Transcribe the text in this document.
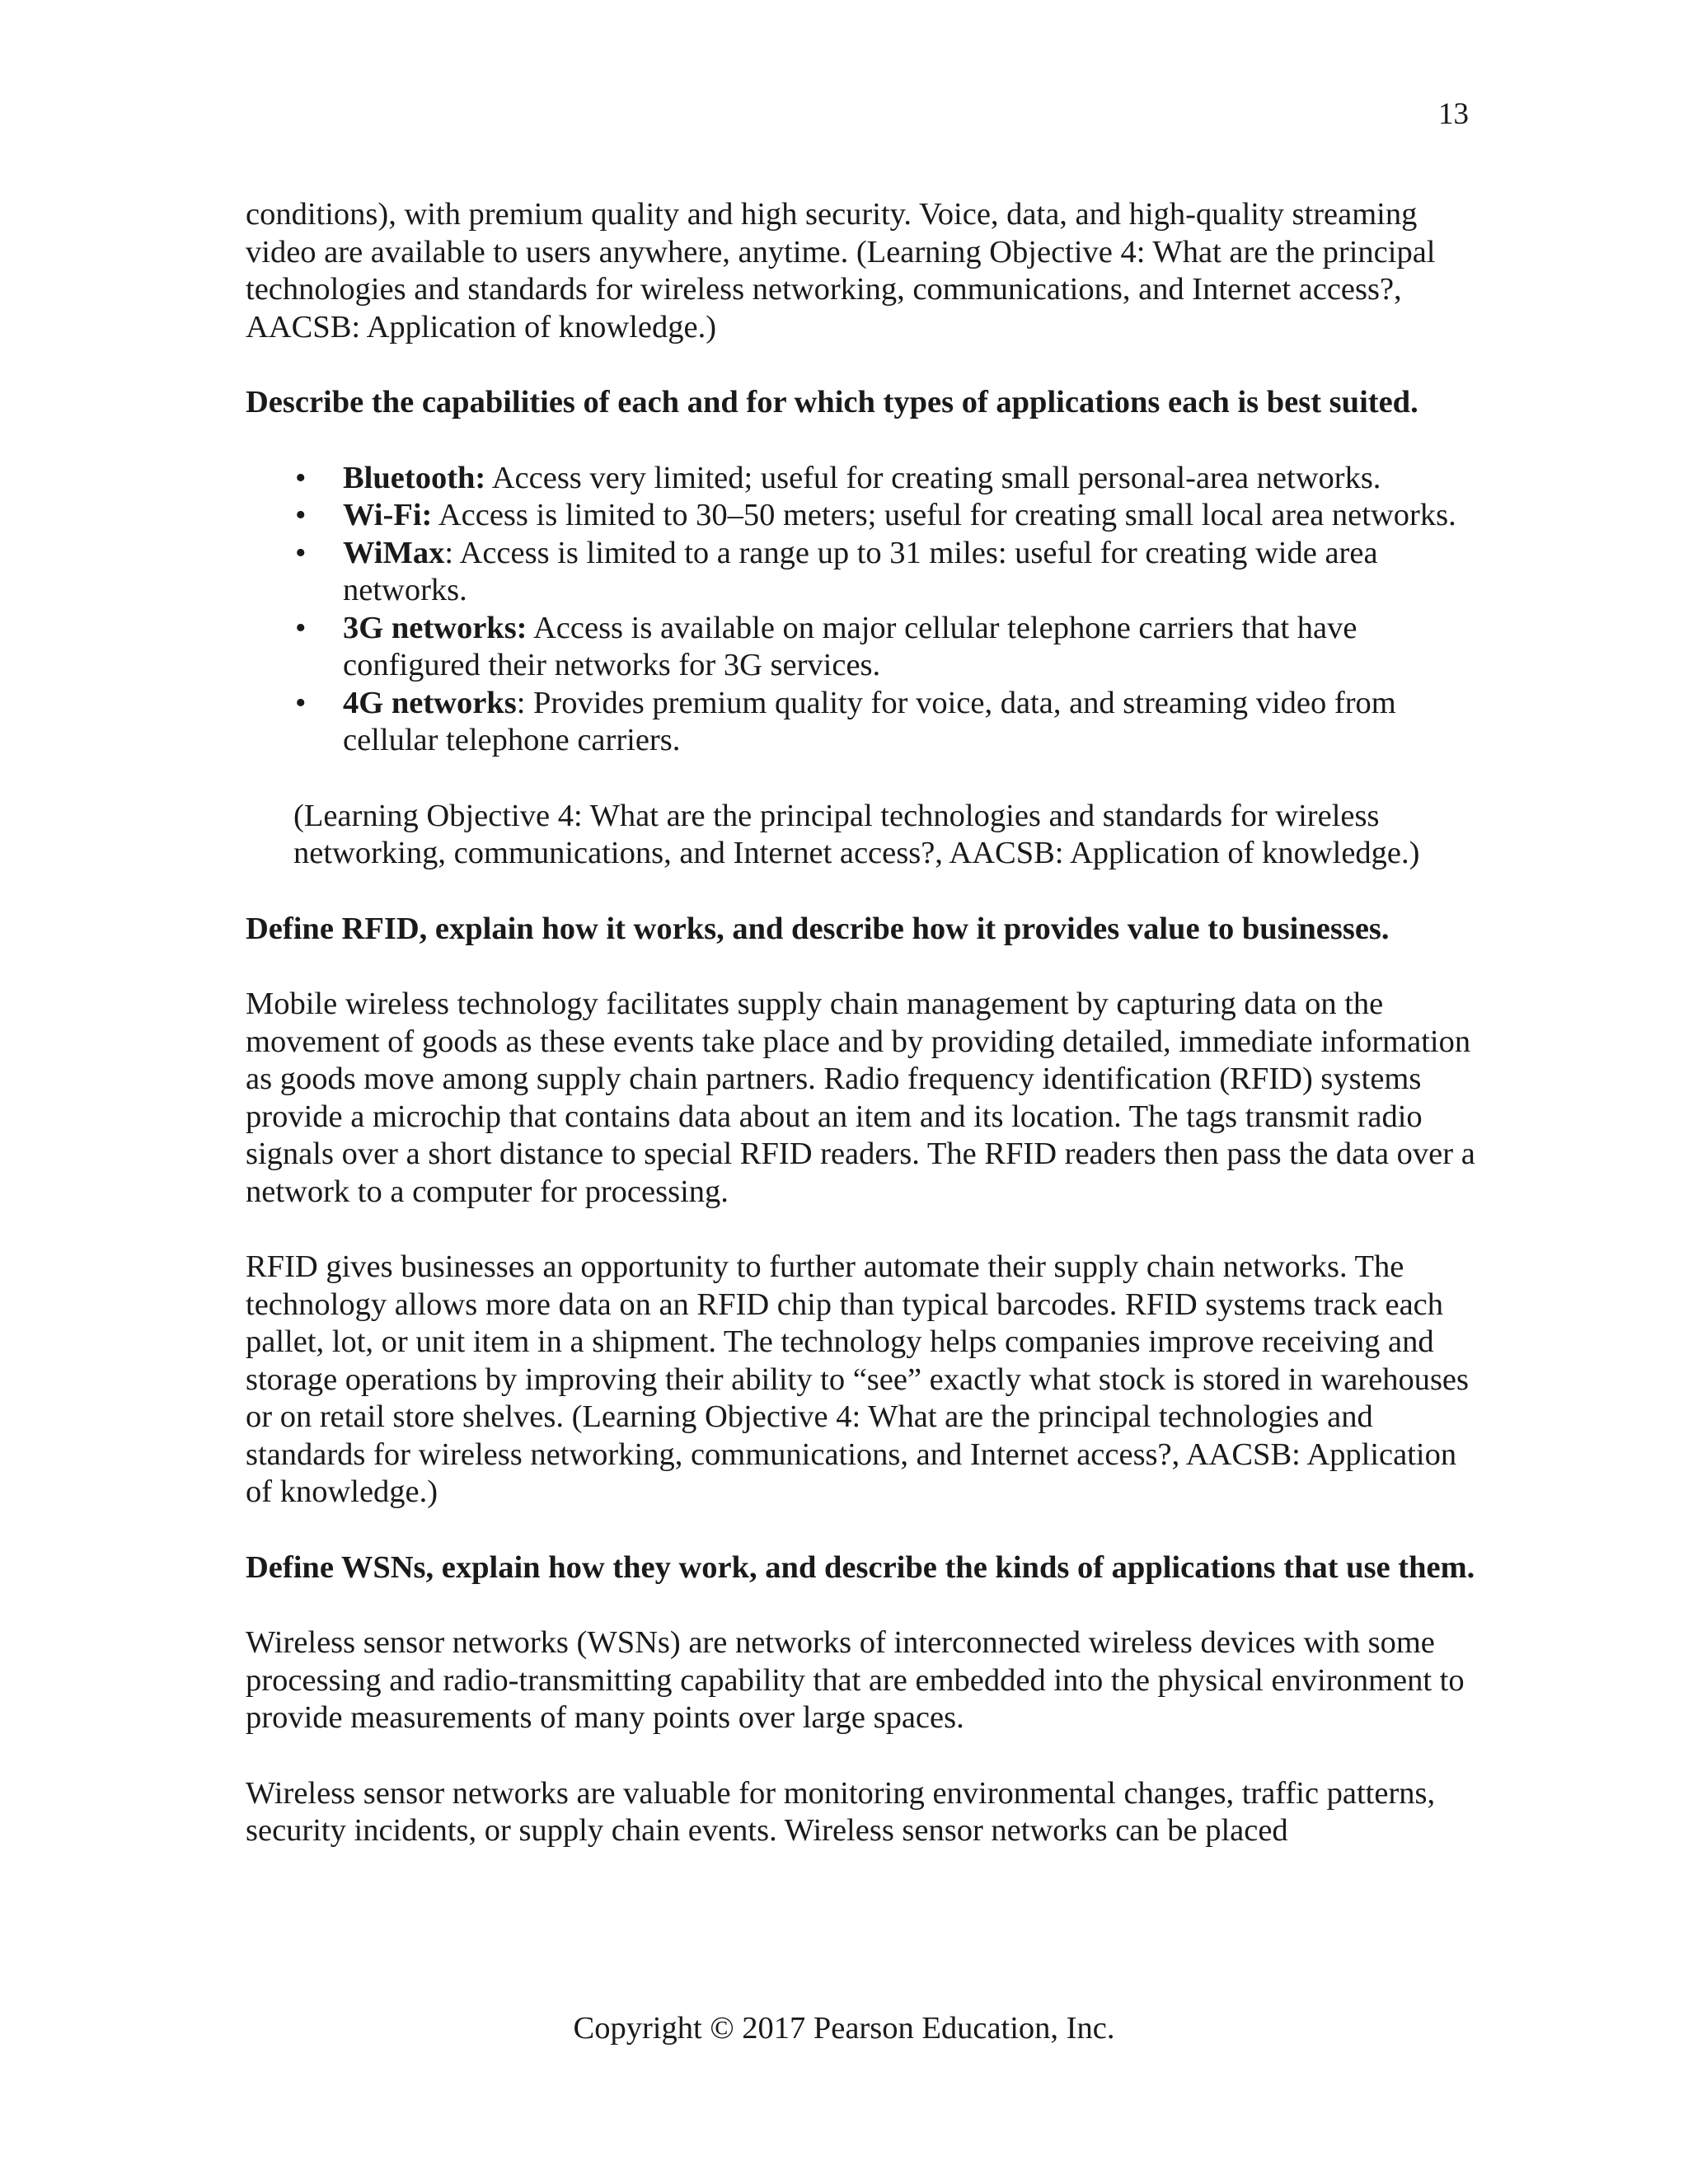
13

conditions), with premium quality and high security. Voice, data, and high-quality streaming video are available to users anywhere, anytime. (Learning Objective 4: What are the principal technologies and standards for wireless networking, communications, and Internet access?, AACSB: Application of knowledge.)

Describe the capabilities of each and for which types of applications each is best suited.

• Bluetooth: Access very limited; useful for creating small personal-area networks.
• Wi-Fi: Access is limited to 30–50 meters; useful for creating small local area networks.
• WiMax: Access is limited to a range up to 31 miles: useful for creating wide area networks.
• 3G networks: Access is available on major cellular telephone carriers that have configured their networks for 3G services.
• 4G networks: Provides premium quality for voice, data, and streaming video from cellular telephone carriers.

(Learning Objective 4: What are the principal technologies and standards for wireless networking, communications, and Internet access?, AACSB: Application of knowledge.)

Define RFID, explain how it works, and describe how it provides value to businesses.

Mobile wireless technology facilitates supply chain management by capturing data on the movement of goods as these events take place and by providing detailed, immediate information as goods move among supply chain partners. Radio frequency identification (RFID) systems provide a microchip that contains data about an item and its location. The tags transmit radio signals over a short distance to special RFID readers. The RFID readers then pass the data over a network to a computer for processing.

RFID gives businesses an opportunity to further automate their supply chain networks. The technology allows more data on an RFID chip than typical barcodes. RFID systems track each pallet, lot, or unit item in a shipment. The technology helps companies improve receiving and storage operations by improving their ability to “see” exactly what stock is stored in warehouses or on retail store shelves. (Learning Objective 4: What are the principal technologies and standards for wireless networking, communications, and Internet access?, AACSB: Application of knowledge.)

Define WSNs, explain how they work, and describe the kinds of applications that use them.

Wireless sensor networks (WSNs) are networks of interconnected wireless devices with some processing and radio-transmitting capability that are embedded into the physical environment to provide measurements of many points over large spaces.

Wireless sensor networks are valuable for monitoring environmental changes, traffic patterns, security incidents, or supply chain events. Wireless sensor networks can be placed

Copyright © 2017 Pearson Education, Inc.
